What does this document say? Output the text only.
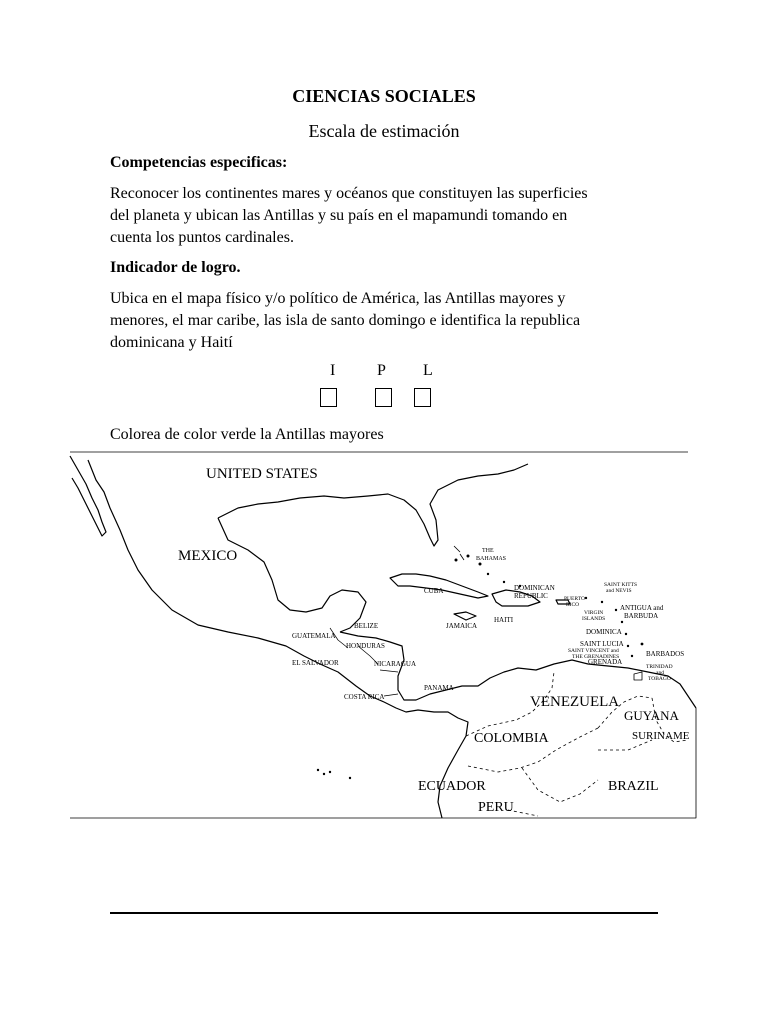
CIENCIAS SOCIALES
Escala de estimación
Competencias especificas:
Reconocer los continentes mares y océanos que constituyen las superficies
del planeta y ubican las Antillas y su país en el mapamundi tomando en
cuenta los puntos cardinales.
Indicador de logro.
Ubica en el mapa físico y/o político de América, las Antillas mayores y
menores, el mar caribe, las isla de santo domingo e identifica la republica
dominicana y Haití
I	P L
Colorea de color verde la Antillas mayores
UNITED STATES
MEXICO	THE
BAHAMAS
CUBA	DOMINICAN
REPUBLIC
SAINT KITTS
and NEVIS
PUERTO
RICO	ANTIGUA and
BARBUDA
VIRGIN
ISLANDS
BELIZE	JAMAICA
HAITI
DOMINICA
GUATEMALA
SAINT LUCIA
BARBADOS
HONDURAS
SAINT VINCENT and
THE GRENADINES
GRENADA
EL SALVADOR	NICARAGUA	TRINIDAD
and
TOBAGO
PANAMA
COSTA RICA	VENEZUELA
GUYANA
SURINAME
COLOMBIA
ECUADOR	BRAZIL
PERU
